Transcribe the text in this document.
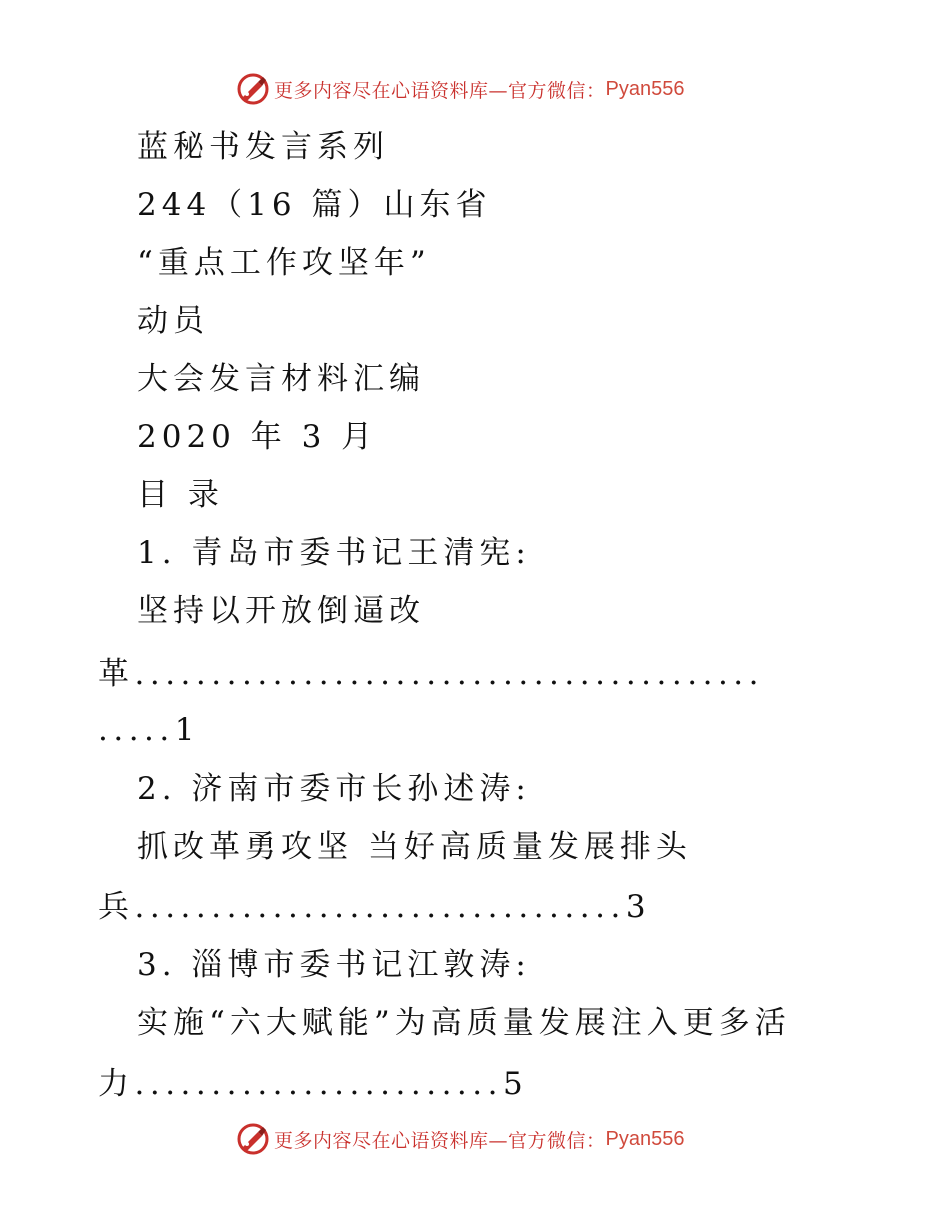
更多内容尽在心语资料库—官方微信： Pyan556

蓝秘书发言系列

244（16 篇）山东省

“重点工作攻坚年”

动员

大会发言材料汇编

2020 年 3 月

目 录

1. 青岛市委书记王清宪:

坚持以开放倒逼改

革.........................................

.....1

2. 济南市委市长孙述涛:

抓改革勇攻坚 当好高质量发展排头

兵................................3

3. 淄博市委书记江敦涛:

实施“六大赋能”为高质量发展注入更多活

力........................5

更多内容尽在心语资料库—官方微信： Pyan556
